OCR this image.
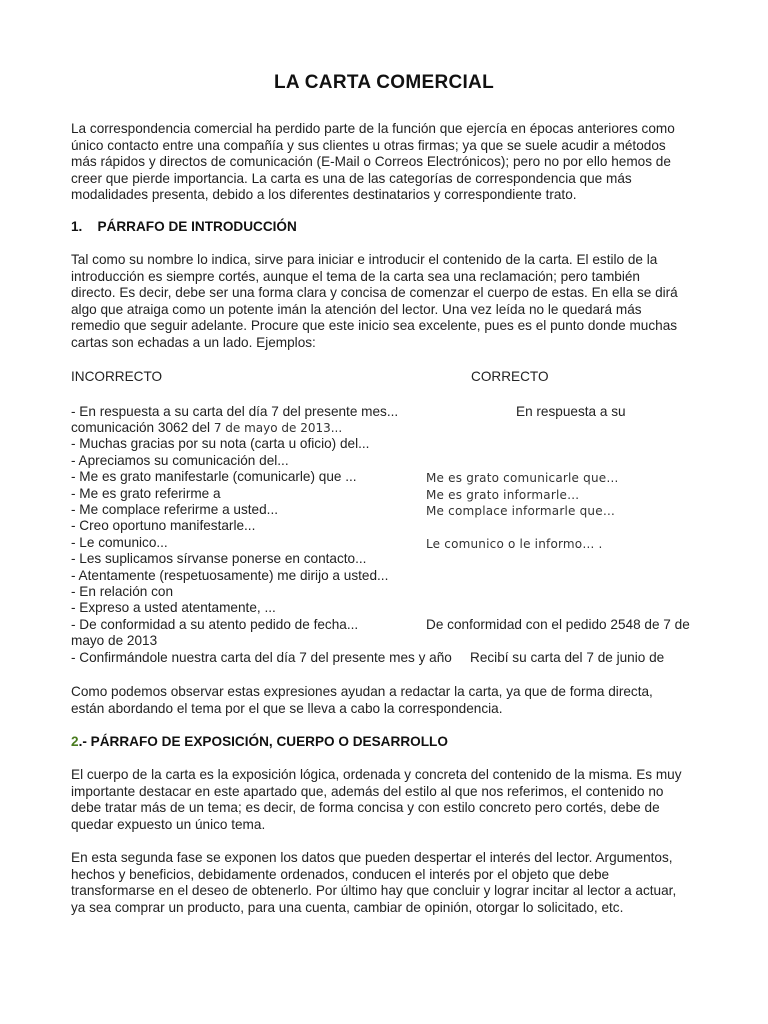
LA CARTA COMERCIAL
La correspondencia comercial ha perdido parte de la función que ejercía en épocas anteriores como
único contacto entre una compañía y sus clientes u otras firmas; ya que se suele acudir a métodos
más rápidos y directos de comunicación (E-Mail o Correos Electrónicos); pero no por ello hemos de
creer que pierde importancia. La carta es una de las categorías de correspondencia que más
modalidades presenta, debido a los diferentes destinatarios y correspondiente trato.
1. PÁRRAFO DE INTRODUCCIÓN
Tal como su nombre lo indica, sirve para iniciar e introducir el contenido de la carta. El estilo de la
introducción es siempre cortés, aunque el tema de la carta sea una reclamación; pero también
directo. Es decir, debe ser una forma clara y concisa de comenzar el cuerpo de estas. En ella se dirá
algo que atraiga como un potente imán la atención del lector. Una vez leída no le quedará más
remedio que seguir adelante. Procure que este inicio sea excelente, pues es el punto donde muchas
cartas son echadas a un lado. Ejemplos:
INCORRECTO	CORRECTO
- En respuesta a su carta del día 7 del presente mes...	En respuesta a su
comunicación 3062 del 7 de mayo de 2013...
- Muchas gracias por su nota (carta u oficio) del...
- Apreciamos su comunicación del...
- Me es grato manifestarle (comunicarle) que ...	Me es grato comunicarle que…
- Me es grato referirme a	Me es grato informarle…
- Me complace referirme a usted...	Me complace informarle que…
- Creo oportuno manifestarle...
- Le comunico...	Le comunico o le informo… .
- Les suplicamos sírvanse ponerse en contacto...
- Atentamente (respetuosamente) me dirijo a usted...
- En relación con
- Expreso a usted atentamente, ...
- De conformidad a su atento pedido de fecha...	De conformidad con el pedido 2548 de 7 de
mayo de 2013
- Confirmándole nuestra carta del día 7 del presente mes y año Recibí su carta del 7 de junio de
Como podemos observar estas expresiones ayudan a redactar la carta, ya que de forma directa,
están abordando el tema por el que se lleva a cabo la correspondencia.
2.- PÁRRAFO DE EXPOSICIÓN, CUERPO O DESARROLLO
El cuerpo de la carta es la exposición lógica, ordenada y concreta del contenido de la misma. Es muy
importante destacar en este apartado que, además del estilo al que nos referimos, el contenido no
debe tratar más de un tema; es decir, de forma concisa y con estilo concreto pero cortés, debe de
quedar expuesto un único tema.
En esta segunda fase se exponen los datos que pueden despertar el interés del lector. Argumentos,
hechos y beneficios, debidamente ordenados, conducen el interés por el objeto que debe
transformarse en el deseo de obtenerlo. Por último hay que concluir y lograr incitar al lector a actuar,
ya sea comprar un producto, para una cuenta, cambiar de opinión, otorgar lo solicitado, etc.
